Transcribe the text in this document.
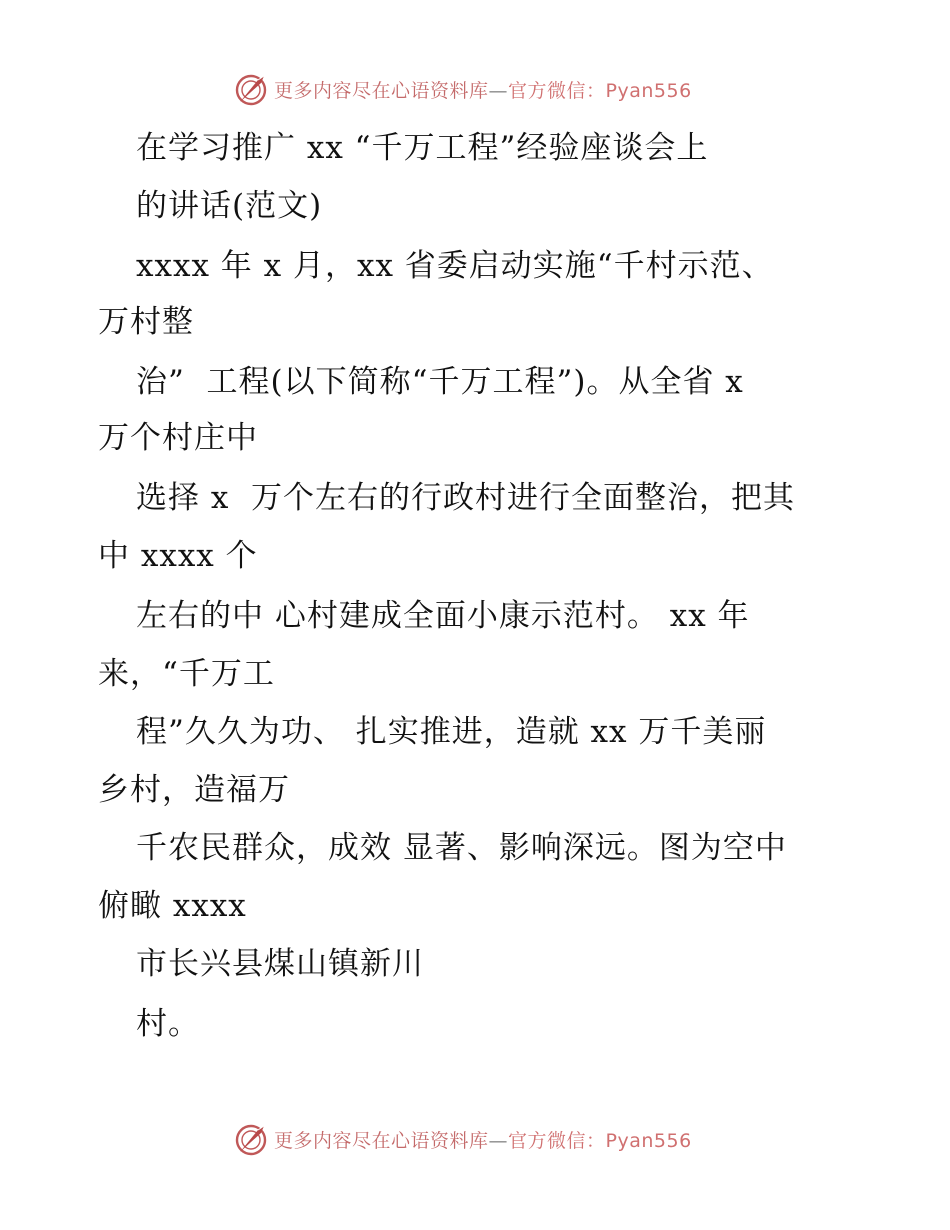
更多内容尽在心语资料库—官方微信：Pyan556
在学习推广 xx “千万工程”经验座谈会上
的讲话(范文)
xxxx 年 x 月，xx 省委启动实施“千村示范、
万村整
治”  工程(以下简称“千万工程”)。从全省 x
万个村庄中
选择 x  万个左右的行政村进行全面整治，把其
中 xxxx 个
左右的中 心村建成全面小康示范村。 xx 年
来，“千万工
程”久久为功、 扎实推进，造就 xx 万千美丽
乡村，造福万
千农民群众，成效 显著、影响深远。图为空中
俯瞰 xxxx
市长兴县煤山镇新川
村。
更多内容尽在心语资料库—官方微信：Pyan556
